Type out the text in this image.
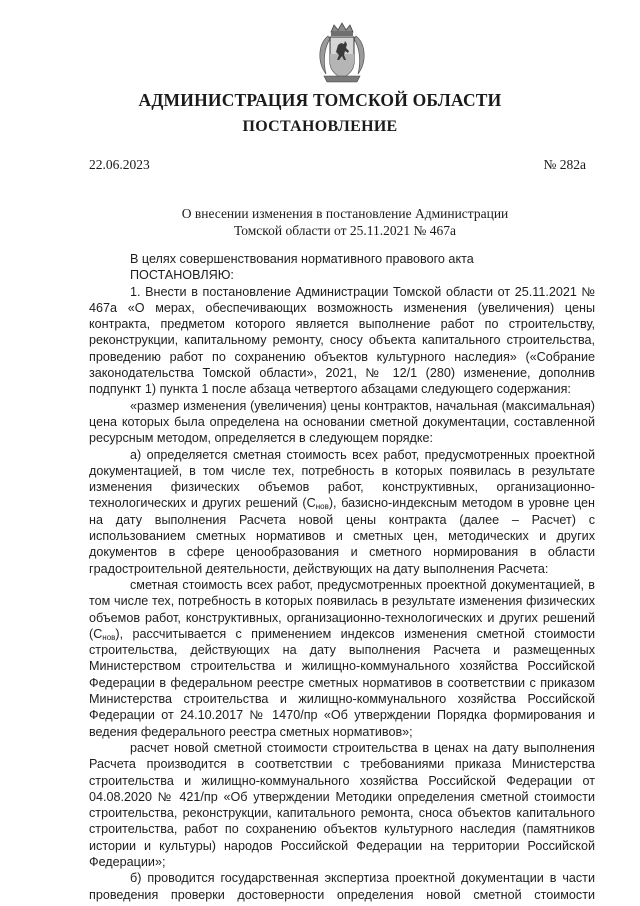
АДМИНИСТРАЦИЯ ТОМСКОЙ ОБЛАСТИ
ПОСТАНОВЛЕНИЕ
22.06.2023	№ 282а
О внесении изменения в постановление Администрации
Томской области от 25.11.2021 № 467а

В целях совершенствования нормативного правового акта

ПОСТАНОВЛЯЮ:

1. Внести в постановление Администрации Томской области от 25.11.2021 № 467а «О мерах, обеспечивающих возможность изменения (увеличения) цены контракта, предметом которого является выполнение работ по строительству, реконструкции, капитальному ремонту, сносу объекта капитального строительства, проведению работ по сохранению объектов культурного наследия» («Собрание законодательства Томской области», 2021, № 12/1 (280) изменение, дополнив подпункт 1) пункта 1 после абзаца четвертого абзацами следующего содержания:

«размер изменения (увеличения) цены контрактов, начальная (максимальная) цена которых была определена на основании сметной документации, составленной ресурсным методом, определяется в следующем порядке:

а) определяется сметная стоимость всех работ, предусмотренных проектной документацией, в том числе тех, потребность в которых появилась в результате изменения физических объемов работ, конструктивных, организационно-технологических и других решений $(С_{нов})$, базисно-индексным методом в уровне цен на дату выполнения Расчета новой цены контракта (далее – Расчет) с использованием сметных нормативов и сметных цен, методических и других документов в сфере ценообразования и сметного нормирования в области градостроительной деятельности, действующих на дату выполнения Расчета:

сметная стоимость всех работ, предусмотренных проектной документацией, в том числе тех, потребность в которых появилась в результате изменения физических объемов работ, конструктивных, организационно-технологических и других решений $(С_{нов})$, рассчитывается с применением индексов изменения сметной стоимости строительства, действующих на дату выполнения Расчета и размещенных Министерством строительства и жилищно-коммунального хозяйства Российской Федерации в федеральном реестре сметных нормативов в соответствии с приказом Министерства строительства и жилищно-коммунального хозяйства Российской Федерации от 24.10.2017 № 1470/пр «Об утверждении Порядка формирования и ведения федерального реестра сметных нормативов»;

расчет новой сметной стоимости строительства в ценах на дату выполнения Расчета производится в соответствии с требованиями приказа Министерства строительства и жилищно-коммунального хозяйства Российской Федерации от 04.08.2020 № 421/пр «Об утверждении Методики определения сметной стоимости строительства, реконструкции, капитального ремонта, сноса объектов капитального строительства, работ по сохранению объектов культурного наследия (памятников истории и культуры) народов Российской Федерации на территории Российской Федерации»;

б) проводится государственная экспертиза проектной документации в части проведения проверки достоверности определения новой сметной стоимости
